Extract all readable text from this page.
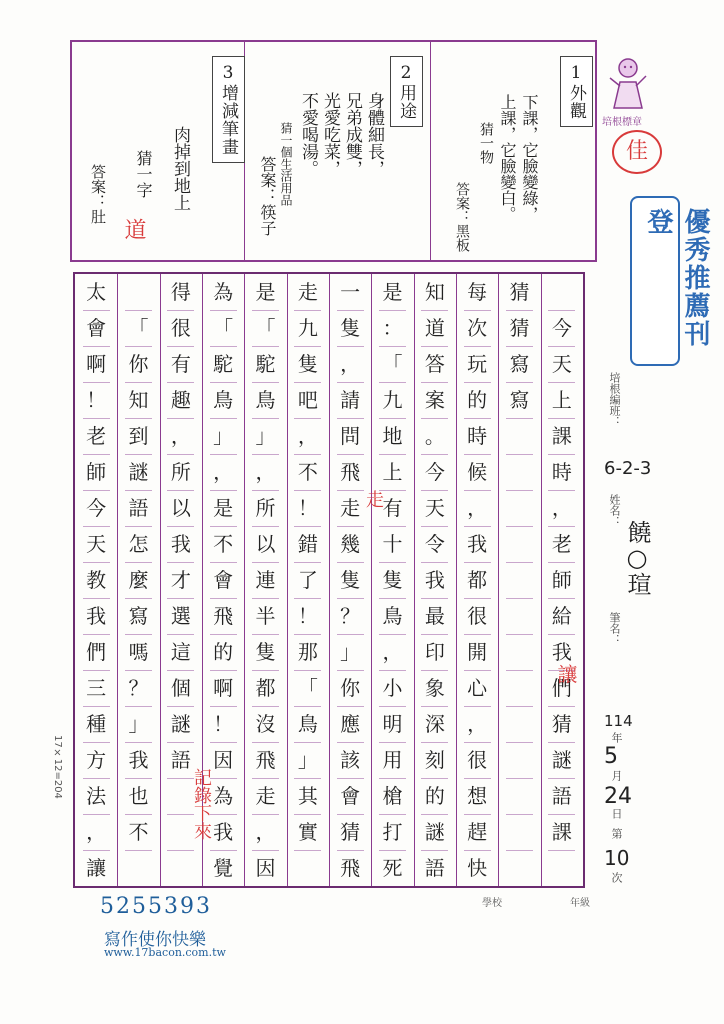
1外觀
下課，它臉變綠，
上課，它臉變白。
猜一物
答案：黑板
2用途
身體細長，
兄弟成雙，
光愛吃菜，
不愛喝湯。
猜一個生活用品
答案：筷子
3增減筆畫
肉掉到地上
猜一字
答案：肚
道
培根標章
佳
優秀推薦刊登
培根編班：
6-2-3
姓名：
饒○瑄
筆名：
114
年
5
月
24
日
第
10
次

今
天
上
課
時
，
老
師
給
我
們
猜
謎
語
課
猜
猜
寫
寫
每
次
玩
的
時
候
，
我
都
很
開
心
，
很
想
趕
快
知
道
答
案
。
今
天
令
我
最
印
象
深
刻
的
謎
語
是
：
「
九
地
上
有
十
隻
鳥
，
小
明
用
槍
打
死
一
隻
，
請
問
飛
走
幾
隻
？
」
你
應
該
會
猜
飛
走
九
隻
吧
，
不
！
錯
了
！
那
「
鳥
」
其
實
是
「
駝
鳥
」
，
所
以
連
半
隻
都
沒
飛
走
，
因
為
「
駝
鳥
」
，
是
不
會
飛
的
啊
！
因
為
我
覺
得
很
有
趣
，
所
以
我
才
選
這
個
謎
語

「
你
知
到
謎
語
怎
麼
寫
嗎
？
」
我
也
不
太
會
啊
！
老
師
今
天
教
我
們
三
種
方
法
，
讓
17×12=204
讓
走
記錄下來
5255393
寫作使你快樂
www.17bacon.com.tw
學校	年級
